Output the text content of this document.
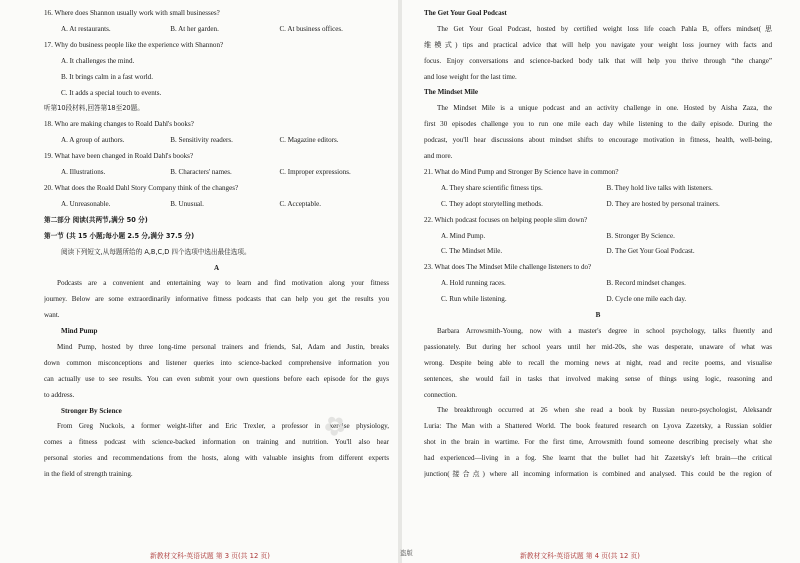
16. Where does Shannon usually work with small businesses?
A. At restaurants.	B. At her garden.	C. At business offices.
17. Why do business people like the experience with Shannon?
A. It challenges the mind.
B. It brings calm in a fast world.
C. It adds a special touch to events.
听第10段材料,回答第18至20题。
18. Who are making changes to Roald Dahl's books?
A. A group of authors.	B. Sensitivity readers.	C. Magazine editors.
19. What have been changed in Roald Dahl's books?
A. Illustrations.	B. Characters' names.	C. Improper expressions.
20. What does the Roald Dahl Story Company think of the changes?
A. Unreasonable.	B. Unusual.	C. Acceptable.
第二部分 阅读(共两节,满分 50 分)
第一节 (共 15 小题;每小题 2.5 分,满分 37.5 分)
阅读下列短文,从每题所给的 A,B,C,D 四个选项中选出最佳选项。
A
Podcasts are a convenient and entertaining way to learn and find motivation along your fitness
journey. Below are some extraordinarily informative fitness podcasts that can help you get the results you
want.
Mind Pump
Mind Pump, hosted by three long-time personal trainers and friends, Sal, Adam and Justin, breaks
down common misconceptions and listener queries into science-backed comprehensive information you
can actually use to see results. You can even submit your own questions before each episode for the guys
to address.
Stronger By Science
From Greg Nuckols, a former weight-lifter and Eric Trexler, a professor in exercise physiology,
comes a fitness podcast with science-backed information on training and nutrition. You'll also hear
personal stories and recommendations from the hosts, along with valuable insights from different experts
in the field of strength training.
The Get Your Goal Podcast
The Get Your Goal Podcast, hosted by certified weight loss life coach Pahla B, offers mindset(思
维模式) tips and practical advice that will help you navigate your weight loss journey with facts and
focus. Enjoy conversations and science-backed body talk that will help you thrive through “the change”
and lose weight for the last time.
The Mindset Mile
The Mindset Mile is a unique podcast and an activity challenge in one. Hosted by Aisha Zaza, the
first 30 episodes challenge you to run one mile each day while listening to the daily episode. During the
podcast, you'll hear discussions about mindset shifts to encourage motivation in fitness, health, well-being,
and more.
21. What do Mind Pump and Stronger By Science have in common?
A. They share scientific fitness tips.	B. They hold live talks with listeners.
C. They adopt storytelling methods.	D. They are hosted by personal trainers.
22. Which podcast focuses on helping people slim down?
A. Mind Pump.	B. Stronger By Science.
C. The Mindset Mile.	D. The Get Your Goal Podcast.
23. What does The Mindset Mile challenge listeners to do?
A. Hold running races.	B. Record mindset changes.
C. Run while listening.	D. Cycle one mile each day.
B
Barbara Arrowsmith-Young, now with a master's degree in school psychology, talks fluently and
passionately. But during her school years until her mid-20s, she was desperate, unaware of what was
wrong. Despite being able to recall the morning news at night, read and recite poems, and visualise
sentences, she would fail in tasks that involved making sense of things using logic, reasoning and
connection.
The breakthrough occurred at 26 when she read a book by Russian neuro-psychologist, Aleksandr
Luria: The Man with a Shattered World. The book featured research on Lyova Zazetsky, a Russian soldier
shot in the brain in wartime. For the first time, Arrowsmith found someone describing precisely what she
had experienced—living in a fog. She learnt that the bullet had hit Zazetsky's left brain—the critical
junction(接合点) where all incoming information is combined and analysed. This could be the region of
✿
新教材文科-英语试题 第 3 页(共 12 页)	盗版	新教材文科-英语试题 第 4 页(共 12 页)
